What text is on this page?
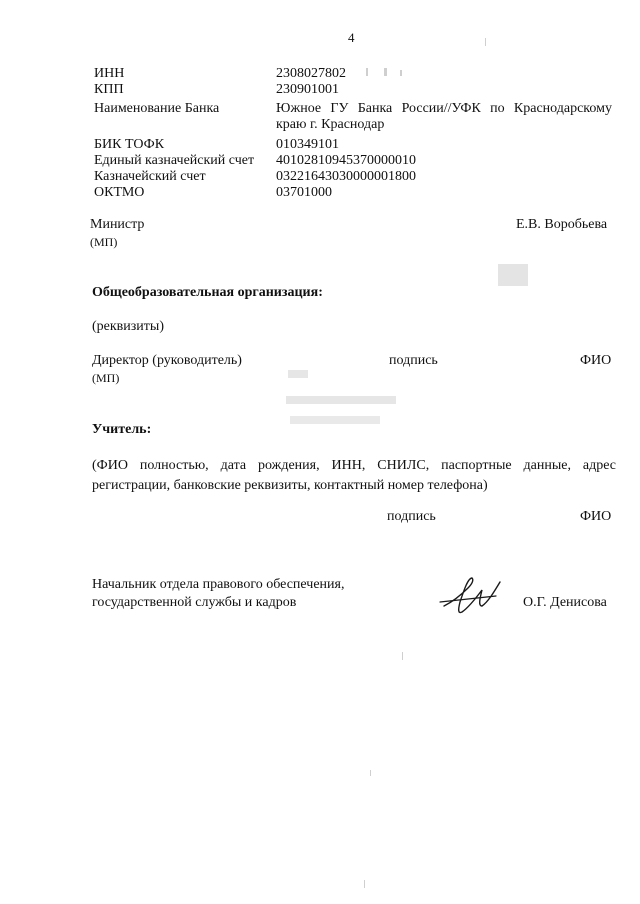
4
ИНН	2308027802
КПП	230901001
Наименование Банка	Южное ГУ Банка России//УФК по Краснодарскому
краю г. Краснодар
БИК ТОФК	010349101
Единый казначейский счет 40102810945370000010
Казначейский счет	03221643030000001800
ОКТМО	03701000
Министр
(МП)
Е.В. Воробьева
Общеобразовательная организация:
(реквизиты)
Директор (руководитель)
(МП)
подпись	ФИО
Учитель:
(ФИО полностью, дата рождения, ИНН, СНИЛС, паспортные данные, адрес регистрации, банковские реквизиты, контактный номер телефона)
подпись	ФИО
Начальник отдела правового обеспечения,
государственной службы и кадров	О.Г. Денисова
